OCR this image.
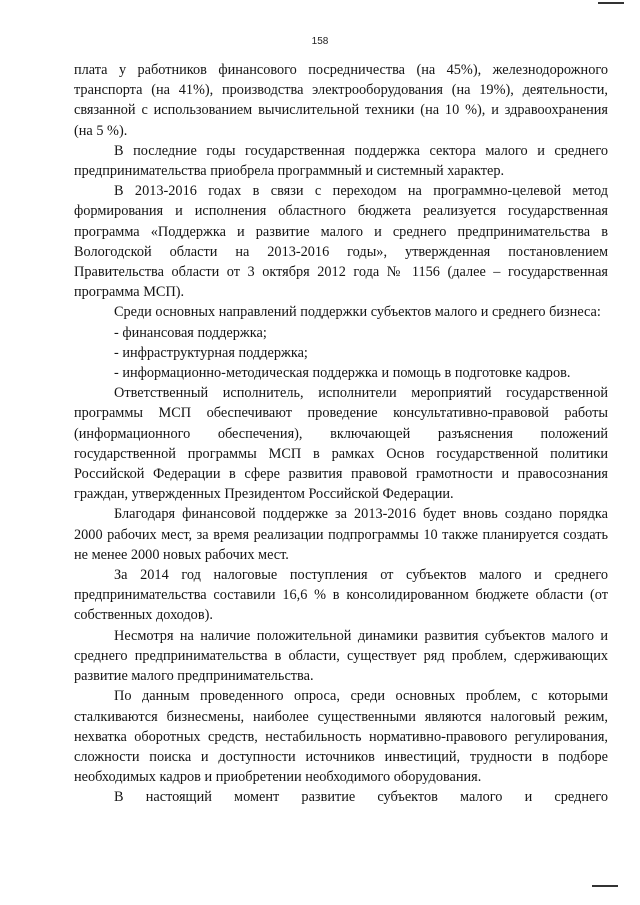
158

плата у работников финансового посредничества (на 45%), железнодорожного транспорта (на 41%), производства электрооборудования (на 19%), деятельности, связанной с использованием вычислительной техники (на 10 %), и здравоохранения (на 5 %).

В последние годы государственная поддержка сектора малого и среднего предпринимательства приобрела программный и системный характер.

В 2013-2016 годах в связи с переходом на программно-целевой метод формирования и исполнения областного бюджета реализуется государственная программа «Поддержка и развитие малого и среднего предпринимательства в Вологодской области на 2013-2016 годы», утвержденная постановлением Правительства области от 3 октября 2012 года № 1156 (далее – государственная программа МСП).

Среди основных направлений поддержки субъектов малого и среднего бизнеса:

- финансовая поддержка;

- инфраструктурная поддержка;

- информационно-методическая поддержка и помощь в подготовке кадров.

Ответственный исполнитель, исполнители мероприятий государственной программы МСП обеспечивают проведение консультативно-правовой работы (информационного обеспечения), включающей разъяснения положений государственной программы МСП в рамках Основ государственной политики Российской Федерации в сфере развития правовой грамотности и правосознания граждан, утвержденных Президентом Российской Федерации.

Благодаря финансовой поддержке за 2013-2016 будет вновь создано порядка 2000 рабочих мест, за время реализации подпрограммы 10 также планируется создать не менее 2000 новых рабочих мест.

За 2014 год налоговые поступления от субъектов малого и среднего предпринимательства составили 16,6 % в консолидированном бюджете области (от собственных доходов).

Несмотря на наличие положительной динамики развития субъектов малого и среднего предпринимательства в области, существует ряд проблем, сдерживающих развитие малого предпринимательства.

По данным проведенного опроса, среди основных проблем, с которыми сталкиваются бизнесмены, наиболее существенными являются налоговый режим, нехватка оборотных средств, нестабильность нормативно-правового регулирования, сложности поиска и доступности источников инвестиций, трудности в подборе необходимых кадров и приобретении необходимого оборудования.

В настоящий момент развитие субъектов малого и среднего
